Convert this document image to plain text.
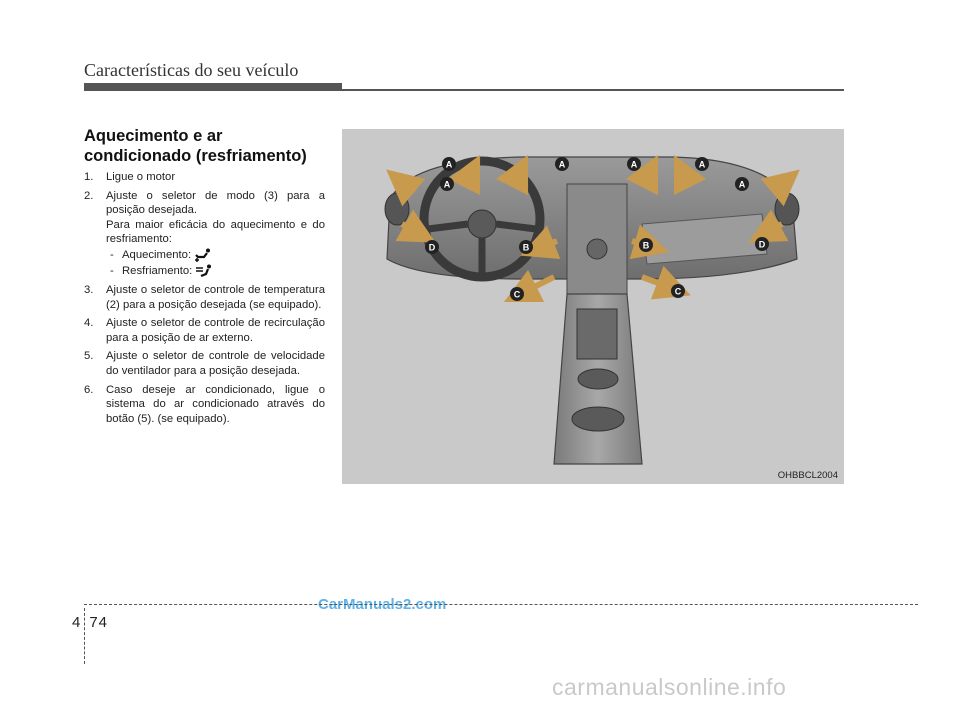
Características do seu veículo
Aquecimento e ar condicionado (resfriamento)
1. Ligue o motor
2. Ajuste o seletor de modo (3) para a posição desejada.
Para maior eficácia do aquecimento e do resfriamento:
- Aquecimento:
- Resfriamento:
3. Ajuste o seletor de controle de temperatura (2) para a posição desejada (se equipado).
4. Ajuste o seletor de controle de recirculação para a posição de ar externo.
5. Ajuste o seletor de controle de velocidade do ventilador para a posição desejada.
6. Caso deseje ar condicionado, ligue o sistema do ar condicionado através do botão (5). (se equipado).
A	A	A	A
A	A
B	B
C	C
D	D
OHBBCL2004
CarManuals2.com
4 74
carmanualsonline.info
